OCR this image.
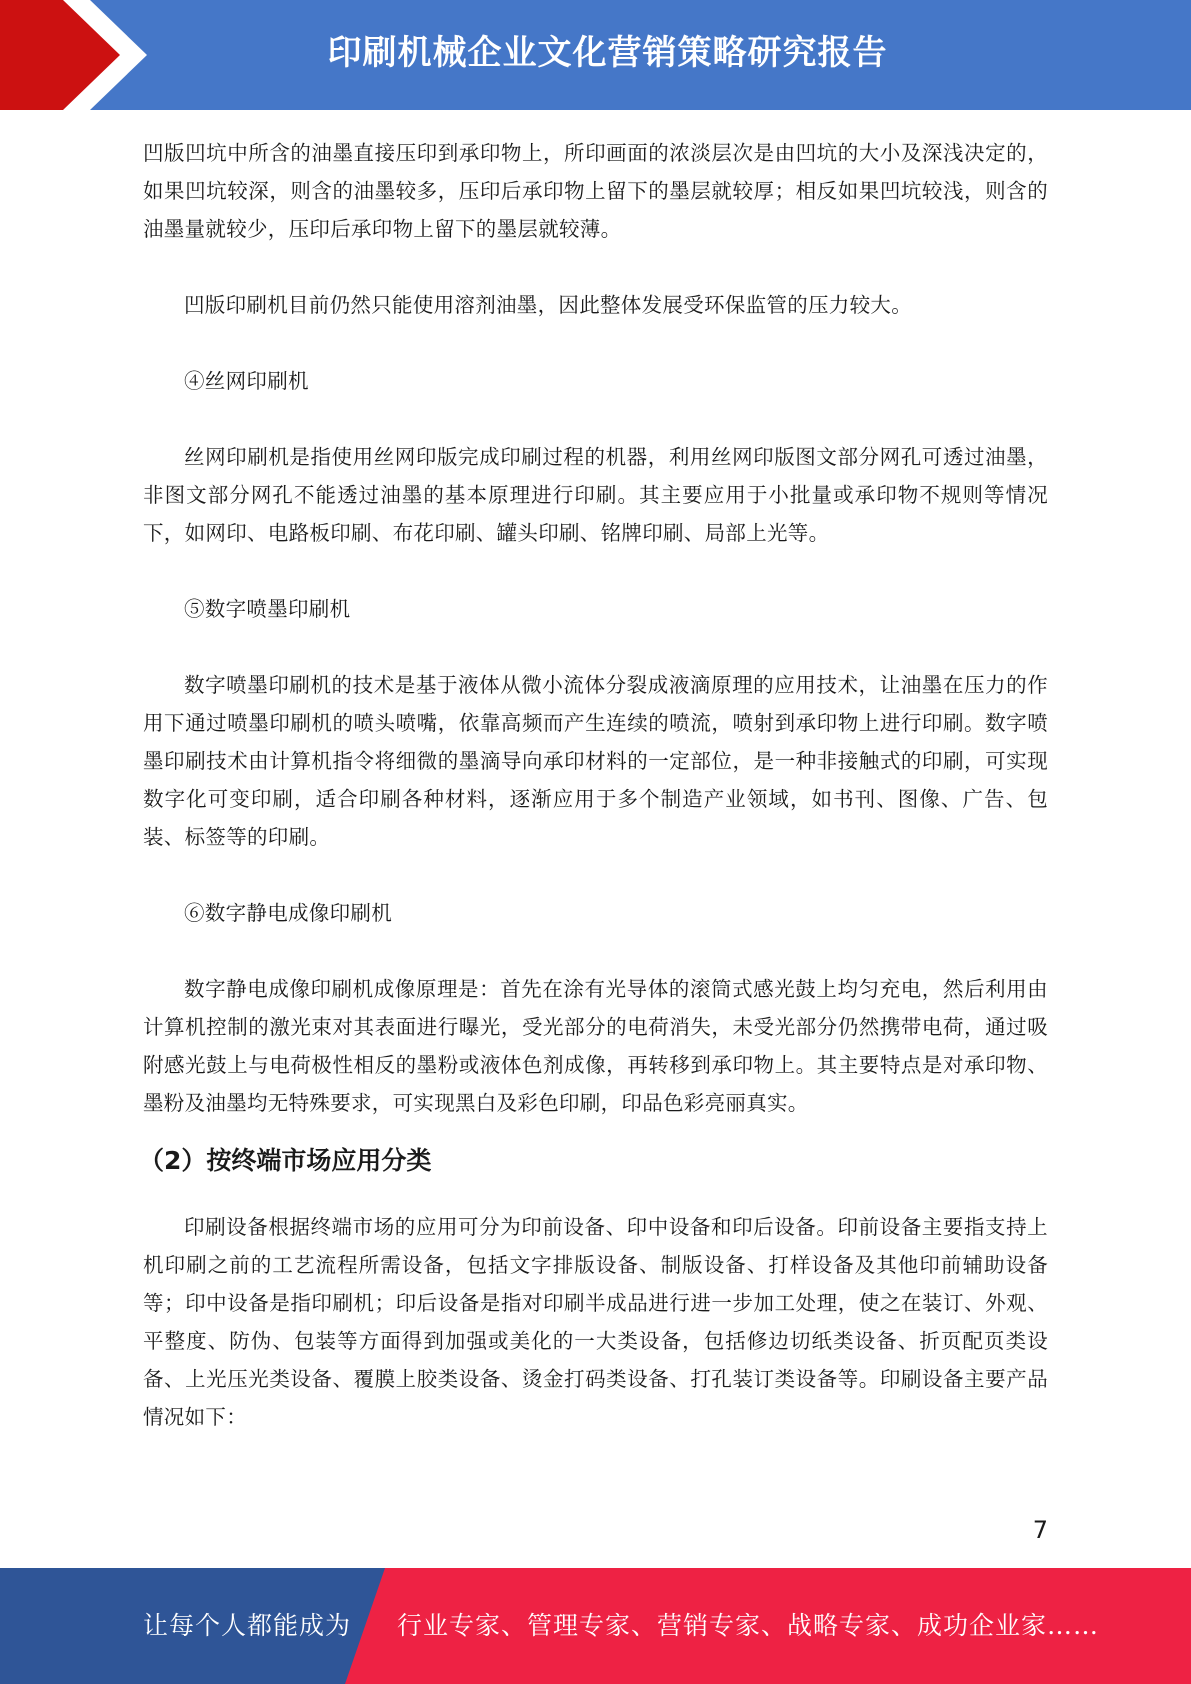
印刷机械企业文化营销策略研究报告

凹版凹坑中所含的油墨直接压印到承印物上，所印画面的浓淡层次是由凹坑的大小及深浅决定的，如果凹坑较深，则含的油墨较多，压印后承印物上留下的墨层就较厚；相反如果凹坑较浅，则含的油墨量就较少，压印后承印物上留下的墨层就较薄。

凹版印刷机目前仍然只能使用溶剂油墨，因此整体发展受环保监管的压力较大。

④丝网印刷机

丝网印刷机是指使用丝网印版完成印刷过程的机器，利用丝网印版图文部分网孔可透过油墨，非图文部分网孔不能透过油墨的基本原理进行印刷。其主要应用于小批量或承印物不规则等情况下，如网印、电路板印刷、布花印刷、罐头印刷、铭牌印刷、局部上光等。

⑤数字喷墨印刷机

数字喷墨印刷机的技术是基于液体从微小流体分裂成液滴原理的应用技术，让油墨在压力的作用下通过喷墨印刷机的喷头喷嘴，依靠高频而产生连续的喷流，喷射到承印物上进行印刷。数字喷墨印刷技术由计算机指令将细微的墨滴导向承印材料的一定部位，是一种非接触式的印刷，可实现数字化可变印刷，适合印刷各种材料，逐渐应用于多个制造产业领域，如书刊、图像、广告、包装、标签等的印刷。

⑥数字静电成像印刷机

数字静电成像印刷机成像原理是：首先在涂有光导体的滚筒式感光鼓上均匀充电，然后利用由计算机控制的激光束对其表面进行曝光，受光部分的电荷消失，未受光部分仍然携带电荷，通过吸附感光鼓上与电荷极性相反的墨粉或液体色剂成像，再转移到承印物上。其主要特点是对承印物、墨粉及油墨均无特殊要求，可实现黑白及彩色印刷，印品色彩亮丽真实。

（2）按终端市场应用分类

印刷设备根据终端市场的应用可分为印前设备、印中设备和印后设备。印前设备主要指支持上机印刷之前的工艺流程所需设备，包括文字排版设备、制版设备、打样设备及其他印前辅助设备等；印中设备是指印刷机；印后设备是指对印刷半成品进行进一步加工处理，使之在装订、外观、平整度、防伪、包装等方面得到加强或美化的一大类设备，包括修边切纸类设备、折页配页类设备、上光压光类设备、覆膜上胶类设备、烫金打码类设备、打孔装订类设备等。印刷设备主要产品情况如下：

7
让每个人都能成为 行业专家、管理专家、营销专家、战略专家、成功企业家……
